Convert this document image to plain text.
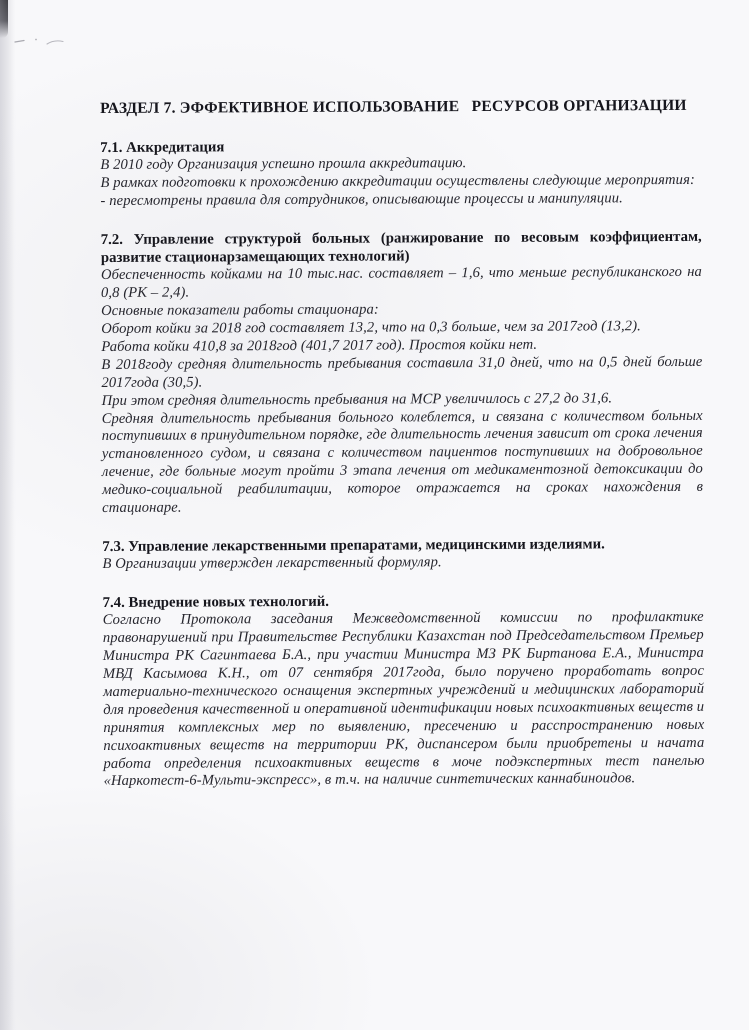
РАЗДЕЛ 7. ЭФФЕКТИВНОЕ ИСПОЛЬЗОВАНИЕ   РЕСУРСОВ ОРГАНИЗАЦИИ
7.1. Аккредитация

В 2010 году Организация успешно прошла аккредитацию.

В рамках подготовки к прохождению аккредитации осуществлены следующие мероприятия:

- пересмотрены правила для сотрудников, описывающие процессы и манипуляции.

7.2. Управление структурой больных (ранжирование по весовым коэффициентам, развитие стационарзамещающих технологий)

Обеспеченность койками на 10 тыс.нас. составляет – 1,6, что меньше республиканского на 0,8 (РК – 2,4).

Основные показатели работы стационара:

Оборот койки за 2018 год составляет 13,2, что на 0,3 больше, чем за 2017год (13,2).

Работа койки 410,8 за 2018год (401,7 2017 год). Простоя койки нет.

В 2018году средняя длительность пребывания составила 31,0 дней, что на 0,5 дней больше 2017года (30,5).

При этом средняя длительность пребывания на МСР увеличилось с 27,2 до 31,6.

Средняя длительность пребывания больного колеблется, и связана с количеством больных поступивших в принудительном порядке, где длительность лечения зависит от срока лечения установленного судом, и связана с количеством пациентов поступивших на добровольное лечение, где больные могут пройти 3 этапа лечения от медикаментозной детоксикации до медико-социальной реабилитации, которое отражается на сроках нахождения в стационаре.

7.3. Управление лекарственными препаратами, медицинскими изделиями.

В Организации утвержден лекарственный формуляр.

7.4. Внедрение новых технологий.

Согласно Протокола заседания Межведомственной комиссии по профилактике правонарушений при Правительстве Республики Казахстан под Председательством Премьер Министра РК Сагинтаева Б.А., при участии Министра МЗ РК Биртанова Е.А., Министра МВД Касымова К.Н., от 07 сентября 2017года, было поручено проработать вопрос материально-технического оснащения экспертных учреждений и медицинских лабораторий для проведения качественной и оперативной идентификации новых психоактивных веществ и принятия комплексных мер по выявлению, пресечению и расспространению новых психоактивных веществ на территории РК, диспансером были приобретены и начата работа определения психоактивных веществ в моче подэкспертных тест панелью «Наркотест-6-Мульти-экспресс», в т.ч. на наличие синтетических каннабиноидов.
